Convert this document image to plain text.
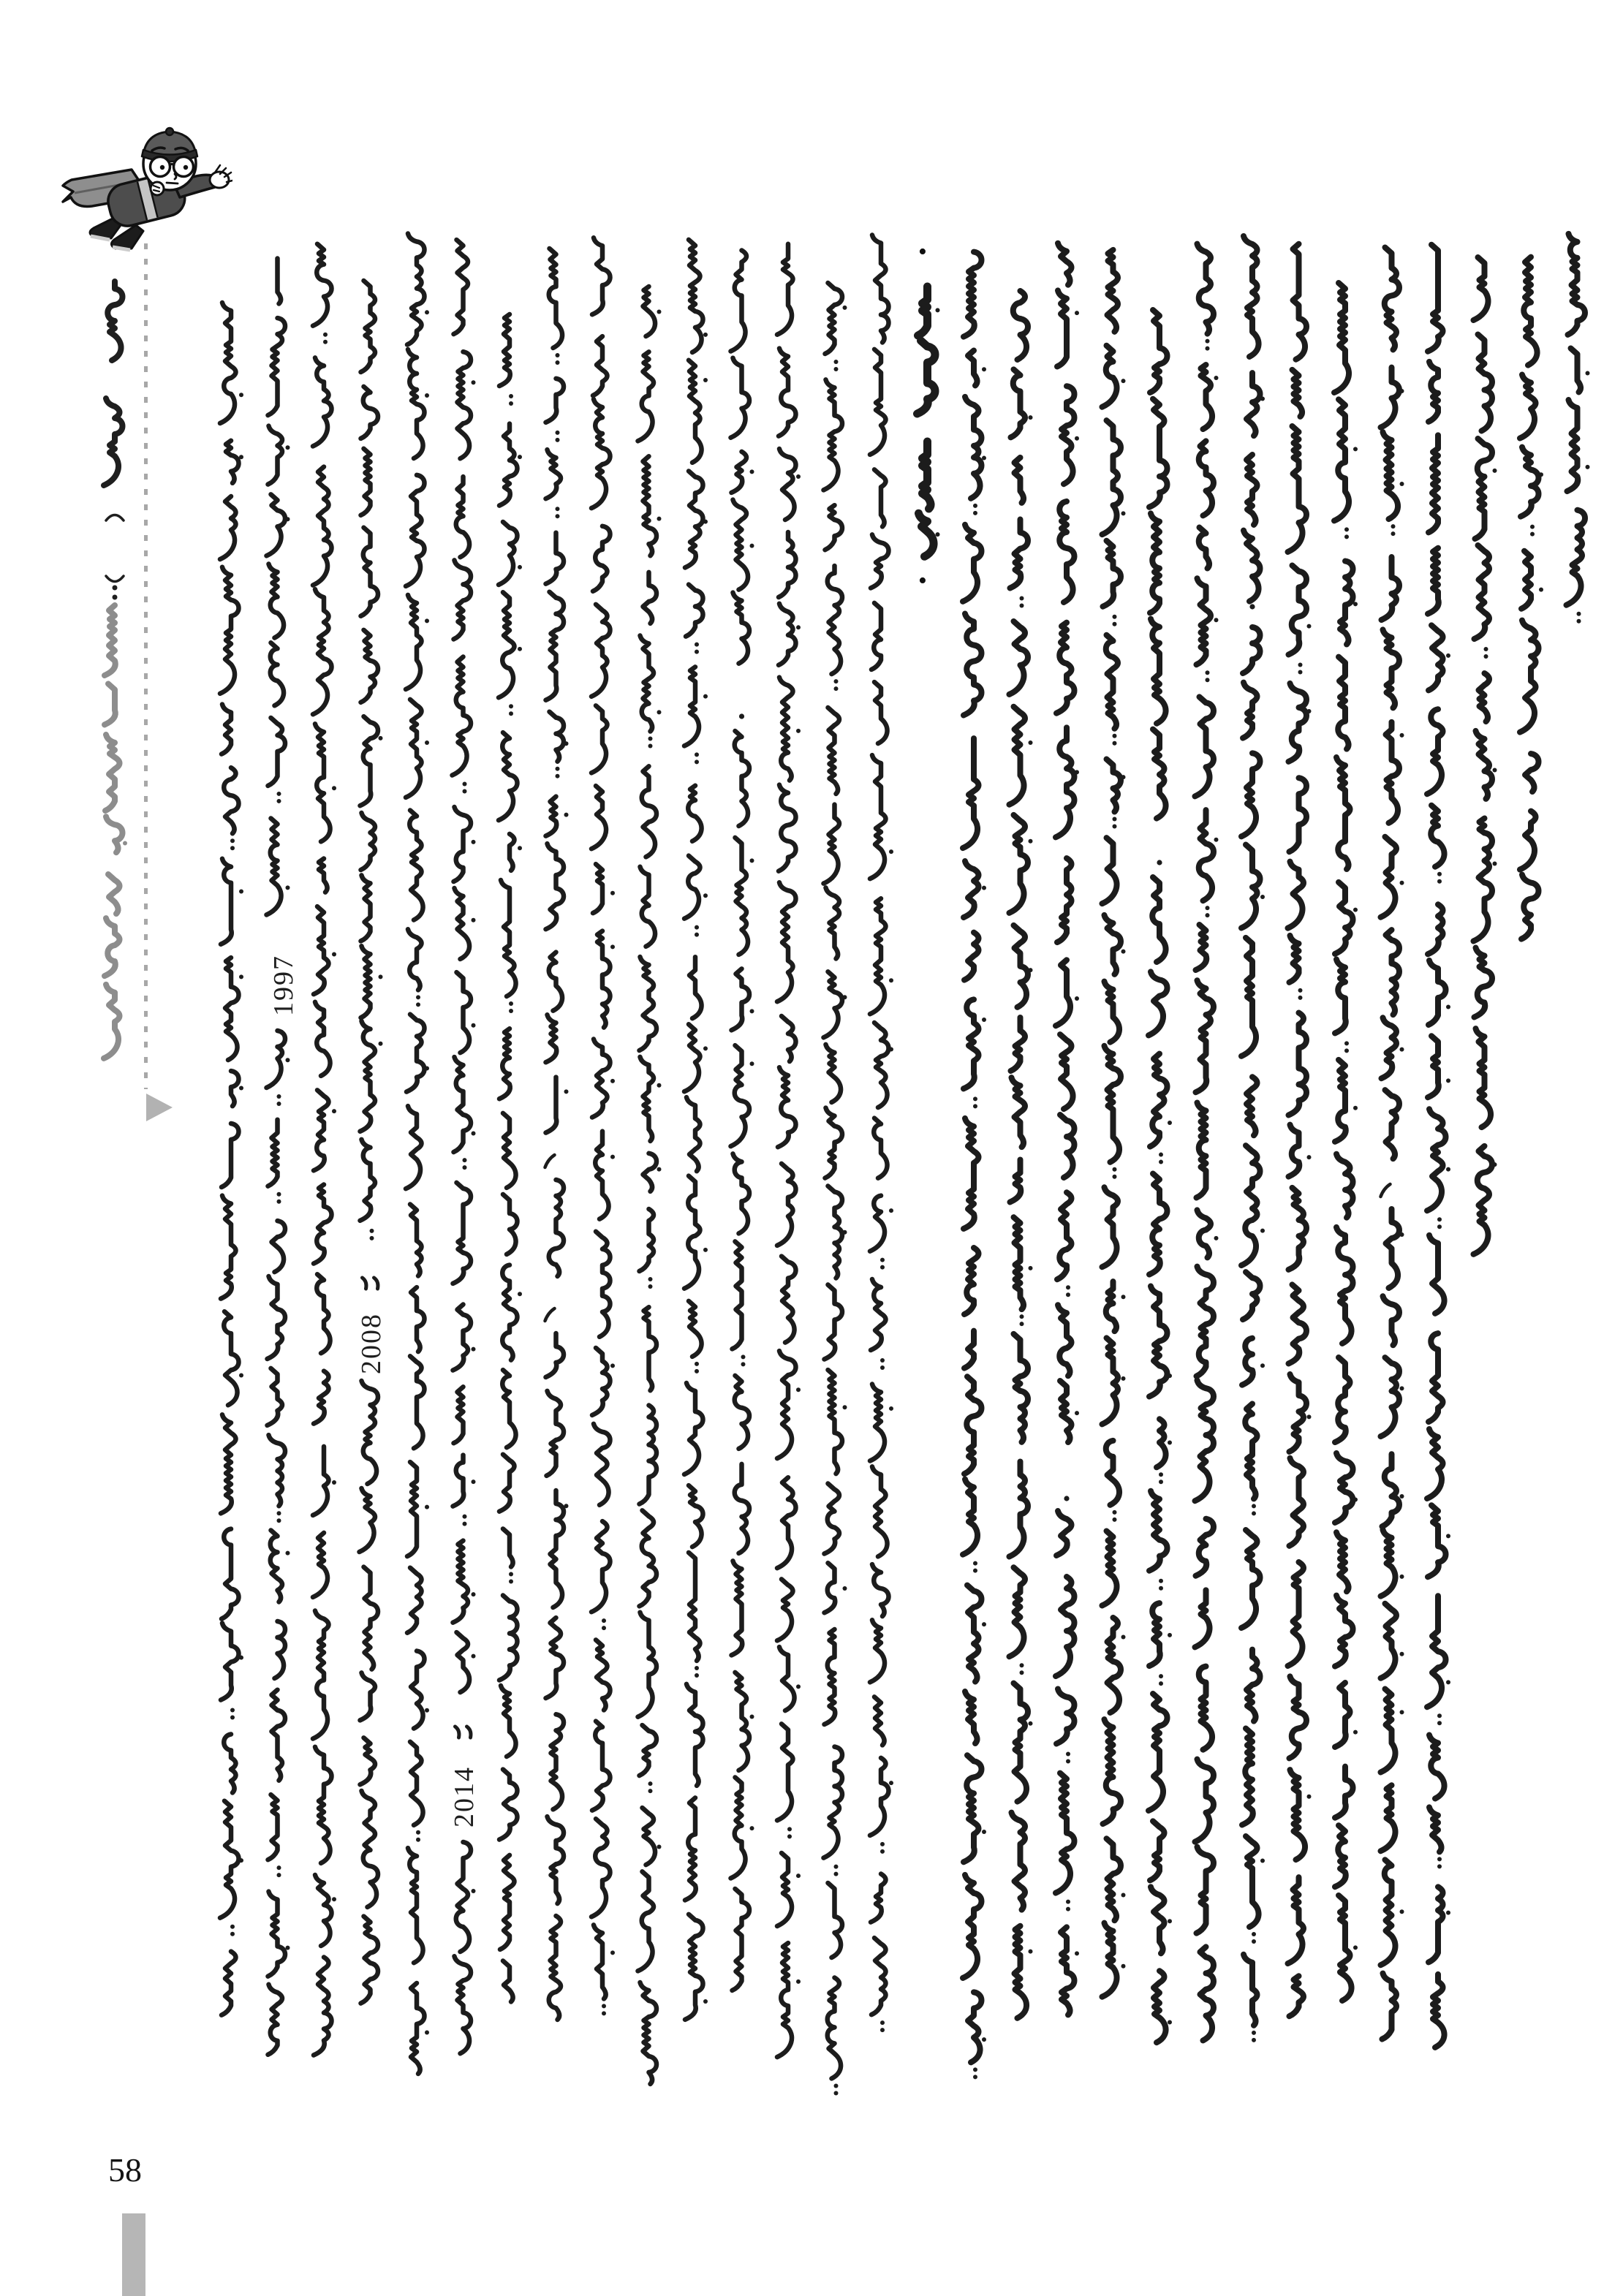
1997
2008
2014
•
•
58
